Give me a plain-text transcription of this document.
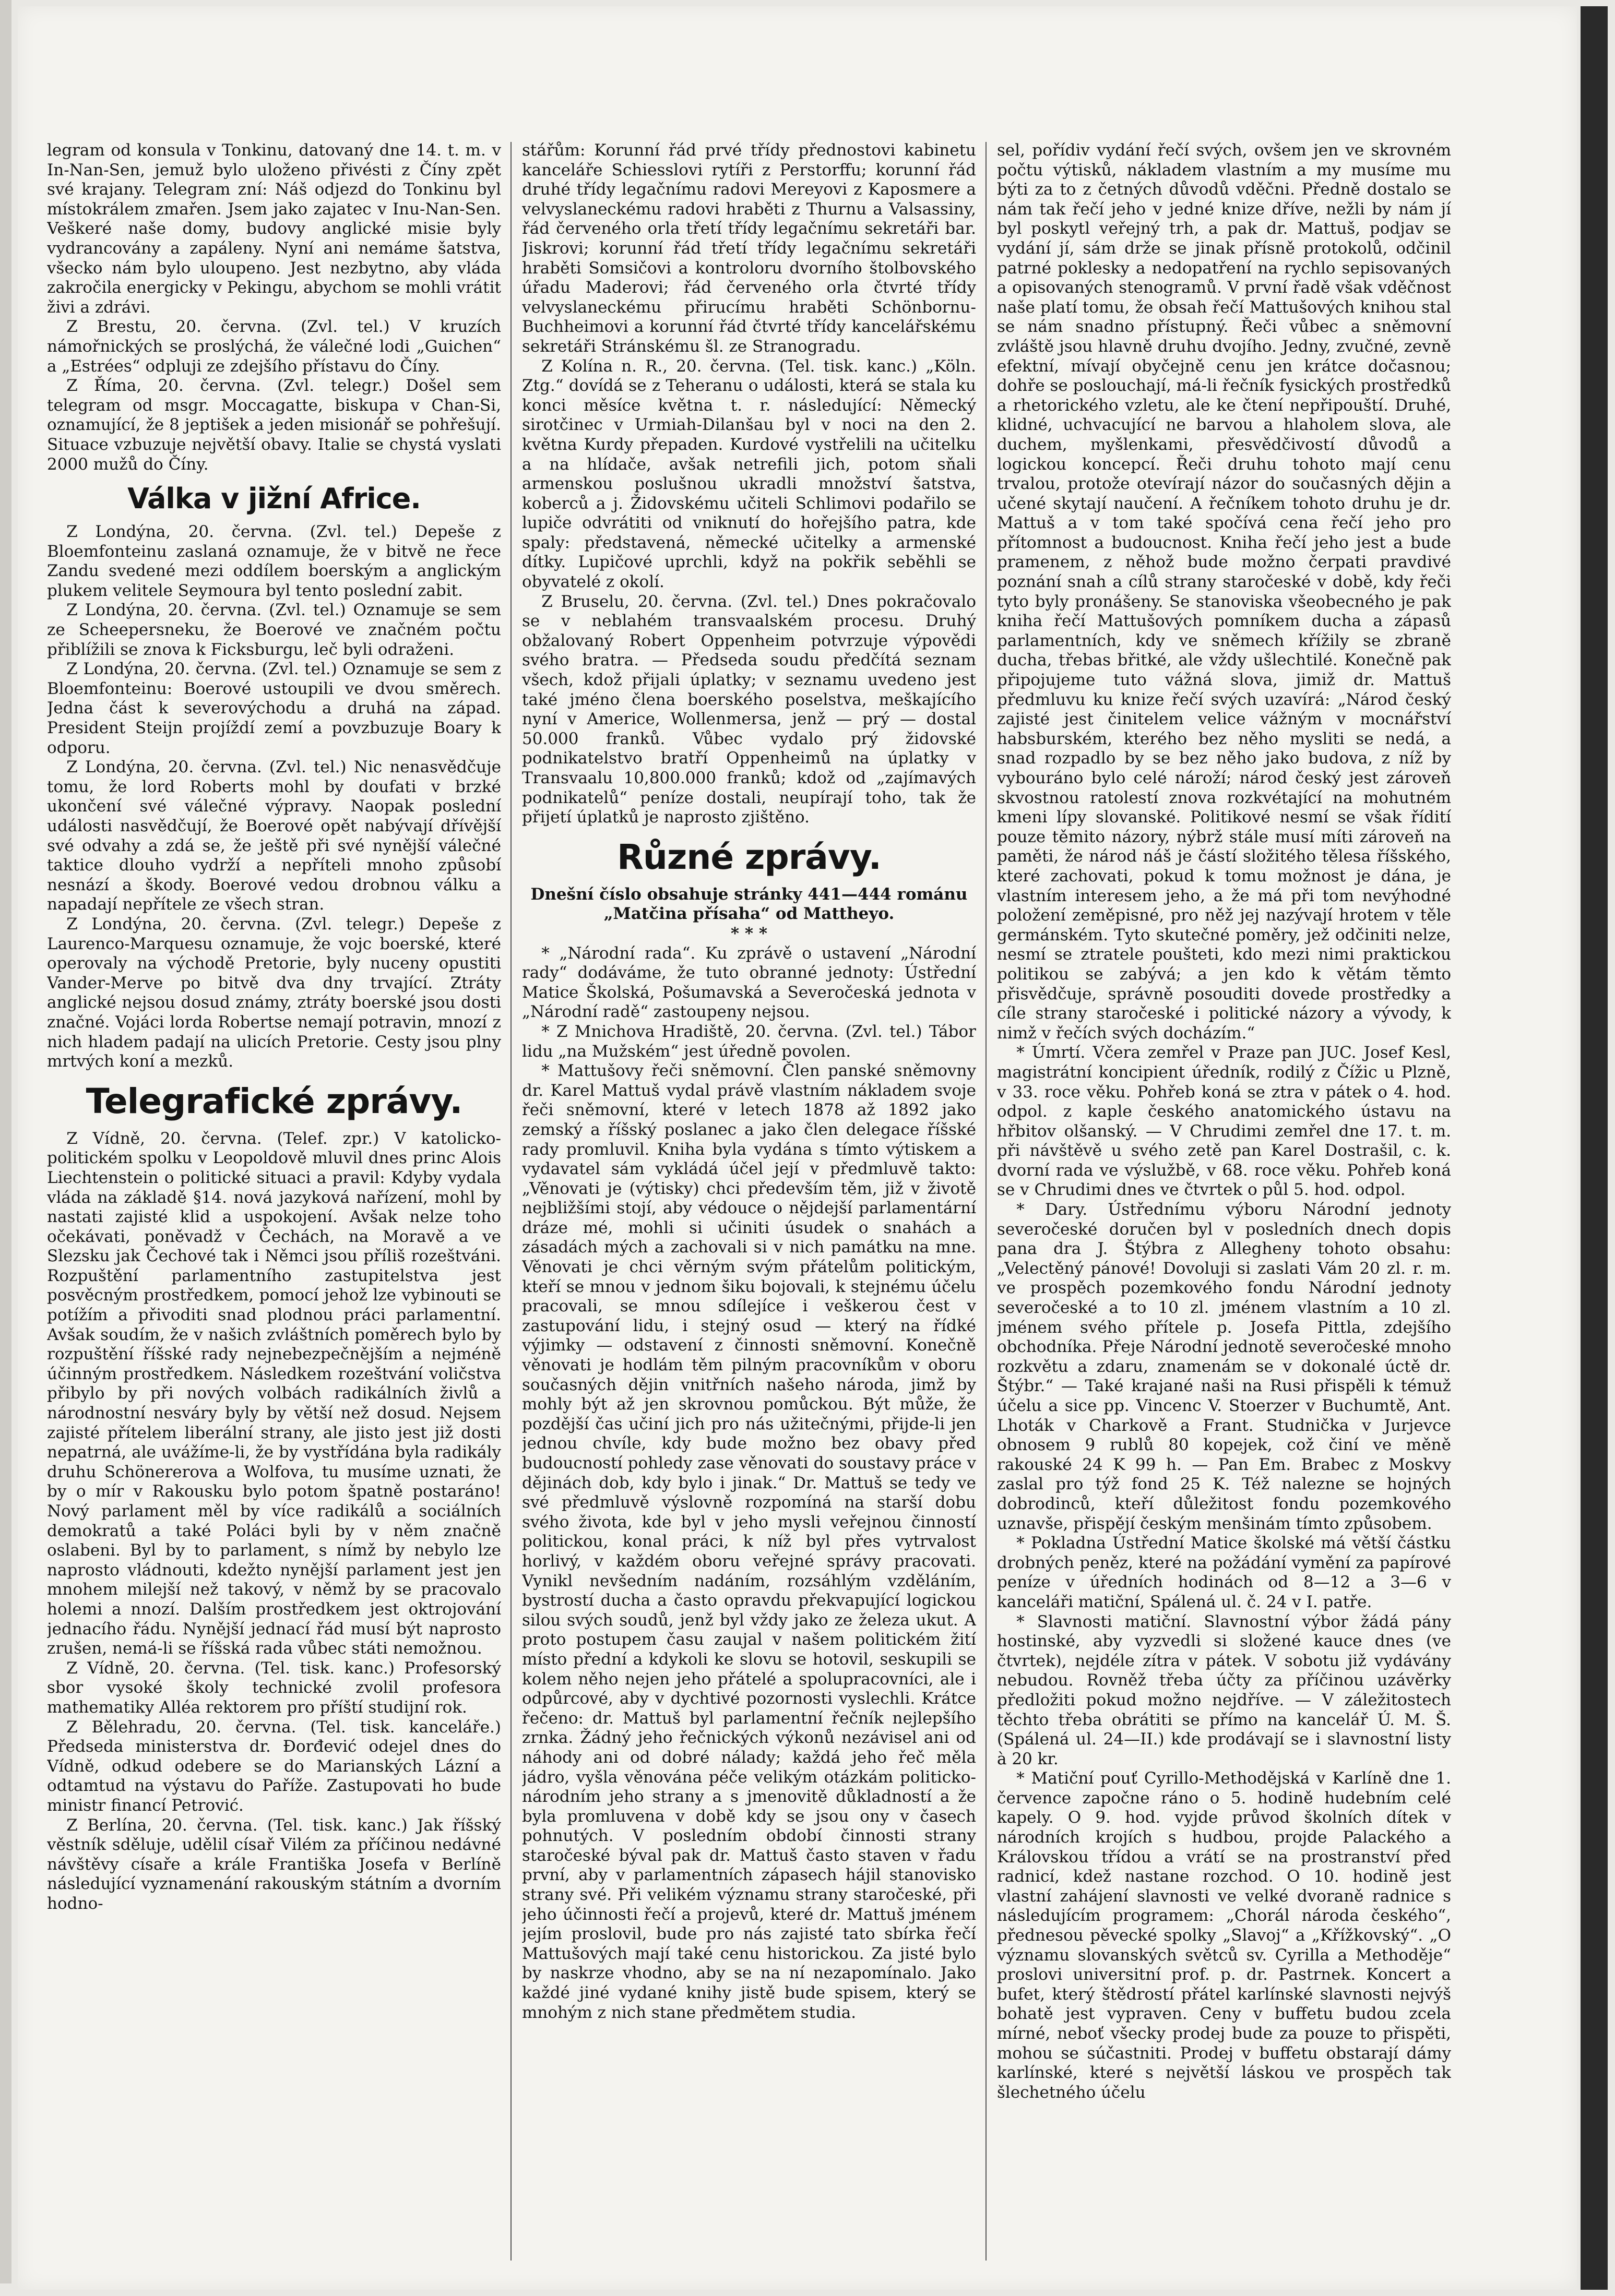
legram od konsula v Tonkinu, datovaný dne 14. t. m. v In-Nan-Sen, jemuž bylo uloženo přivésti z Číny zpět své krajany. Telegram zní: Náš odjezd do Tonkinu byl místokrálem zmařen. Jsem jako zajatec v Inu-Nan-Sen. Veškeré naše domy, budovy anglické misie byly vydrancovány a zapáleny. Nyní ani nemáme šatstva, všecko nám bylo uloupeno. Jest nezbytno, aby vláda zakročila energicky v Pekingu, abychom se mohli vrátit živi a zdrávi.

Z Brestu, 20. června. (Zvl. tel.) V kruzích námořnických se proslýchá, že válečné lodi „Guichen“ a „Estrées“ odpluji ze zdejšího přístavu do Číny.

Z Říma, 20. června. (Zvl. telegr.) Došel sem telegram od msgr. Moccagatte, biskupa v Chan-Si, oznamující, že 8 jeptišek a jeden misionář se pohřešují. Situace vzbuzuje největší obavy. Italie se chystá vyslati 2000 mužů do Číny.

Válka v jižní Africe.

Z Londýna, 20. června. (Zvl. tel.) Depeše z Bloemfonteinu zaslaná oznamuje, že v bitvě ne řece Zandu svedené mezi oddílem boerským a anglickým plukem velitele Seymoura byl tento poslední zabit.

Z Londýna, 20. června. (Zvl. tel.) Oznamuje se sem ze Scheepersneku, že Boerové ve značném počtu přiblížili se znova k Ficksburgu, leč byli odraženi.

Z Londýna, 20. června. (Zvl. tel.) Oznamuje se sem z Bloemfonteinu: Boerové ustoupili ve dvou směrech. Jedna část k severovýchodu a druhá na západ. President Steijn projíždí zemí a povzbuzuje Boary k odporu.

Z Londýna, 20. června. (Zvl. tel.) Nic nenasvědčuje tomu, že lord Roberts mohl by doufati v brzké ukončení své válečné výpravy. Naopak poslední události nasvědčují, že Boerové opět nabývají dřívější své odvahy a zdá se, že ještě při své nynější válečné taktice dlouho vydrží a nepříteli mnoho způsobí nesnází a škody. Boerové vedou drobnou válku a napadají nepřítele ze všech stran.

Z Londýna, 20. června. (Zvl. telegr.) Depeše z Laurenco-Marquesu oznamuje, že vojc boerské, které operovaly na východě Pretorie, byly nuceny opustiti Vander-Merve po bitvě dva dny trvající. Ztráty anglické nejsou dosud známy, ztráty boerské jsou dosti značné. Vojáci lorda Robertse nemají potravin, mnozí z nich hladem padají na ulicích Pretorie. Cesty jsou plny mrtvých koní a mezků.

Telegrafické zprávy.

Z Vídně, 20. června. (Telef. zpr.) V katolicko-politickém spolku v Leopoldově mluvil dnes princ Alois Liechtenstein o politické situaci a pravil: Kdyby vydala vláda na základě §14. nová jazyková nařízení, mohl by nastati zajisté klid a uspokojení. Avšak nelze toho očekávati, poněvadž v Čechách, na Moravě a ve Slezsku jak Čechové tak i Němci jsou příliš rozeštváni. Rozpuštění parlamentního zastupitelstva jest posvěcným prostředkem, pomocí jehož lze vybinouti se potížím a přivoditi snad plodnou práci parlamentní. Avšak soudím, že v našich zvláštních poměrech bylo by rozpuštění říšské rady nejnebezpečnějším a nejméně účinným prostředkem. Následkem rozeštvání voličstva přibylo by při nových volbách radikálních živlů a národnostní nesváry byly by větší než dosud. Nejsem zajisté přítelem liberální strany, ale jisto jest již dosti nepatrná, ale uvážíme-li, že by vystřídána byla radikály druhu Schönererova a Wolfova, tu musíme uznati, že by o mír v Rakousku bylo potom špatně postaráno! Nový parlament měl by více radikálů a sociálních demokratů a také Poláci byli by v něm značně oslabeni. Byl by to parlament, s nímž by nebylo lze naprosto vládnouti, kdežto nynější parlament jest jen mnohem milejší než takový, v němž by se pracovalo holemi a nnozí. Dalším prostředkem jest oktrojování jednacího řádu. Nynější jednací řád musí být naprosto zrušen, nemá-li se říšská rada vůbec státi nemožnou.

Z Vídně, 20. června. (Tel. tisk. kanc.) Profesorský sbor vysoké školy technické zvolil profesora mathematiky Alléa rektorem pro příští studijní rok.

Z Bělehradu, 20. června. (Tel. tisk. kanceláře.) Předseda ministerstva dr. Đorđević odejel dnes do Vídně, odkud odebere se do Marianských Lázní a odtamtud na výstavu do Paříže. Zastupovati ho bude ministr financí Petrović.

Z Berlína, 20. června. (Tel. tisk. kanc.) Jak říšský věstník sděluje, udělil císař Vilém za příčinou nedávné návštěvy císaře a krále Františka Josefa v Berlíně následující vyznamenání rakouským státním a dvorním hodno-

stářům: Korunní řád prvé třídy přednostovi kabinetu kanceláře Schiesslovi rytíři z Perstorffu; korunní řád druhé třídy legačnímu radovi Mereyovi z Kaposmere a velvyslaneckému radovi hraběti z Thurnu a Valsassiny, řád červeného orla třetí třídy legačnímu sekretáři bar. Jiskrovi; korunní řád třetí třídy legačnímu sekretáři hraběti Somsičovi a kontroloru dvorního štolbovského úřadu Maderovi; řád červeného orla čtvrté třídy velvyslaneckému přirucímu hraběti Schönbornu-Buchheimovi a korunní řád čtvrté třídy kancelářskému sekretáři Stránskému šl. ze Stranogradu.

Z Kolína n. R., 20. června. (Tel. tisk. kanc.) „Köln. Ztg.“ dovídá se z Teheranu o události, která se stala ku konci měsíce května t. r. následující: Německý sirotčinec v Urmiah-Dilanšau byl v noci na den 2. května Kurdy přepaden. Kurdové vystřelili na učitelku a na hlídače, avšak netrefili jich, potom sňali armenskou poslušnou ukradli množství šatstva, koberců a j. Židovskému učiteli Schlimovi podařilo se lupiče odvrátiti od vniknutí do hořejšího patra, kde spaly: představená, německé učitelky a armenské dítky. Lupičové uprchli, když na pokřik seběhli se obyvatelé z okolí.

Z Bruselu, 20. června. (Zvl. tel.) Dnes pokračovalo se v neblahém transvaalském procesu. Druhý obžalovaný Robert Oppenheim potvrzuje výpovědi svého bratra. — Předseda soudu předčítá seznam všech, kdož přijali úplatky; v seznamu uvedeno jest také jméno člena boerského poselstva, meškajícího nyní v Americe, Wollenmersa, jenž — prý — dostal 50.000 franků. Vůbec vydalo prý židovské podnikatelstvo bratří Oppenheimů na úplatky v Transvaalu 10,800.000 franků; kdož od „zajímavých podnikatelů“ peníze dostali, neupírají toho, tak že přijetí úplatků je naprosto zjištěno.

Různé zprávy.

Dnešní číslo obsahuje stránky 441—444 románu „Matčina přísaha“ od Mattheyo.

* * *

* „Národní rada“. Ku zprávě o ustavení „Národní rady“ dodáváme, že tuto obranné jednoty: Ústřední Matice Školská, Pošumavská a Severočeská jednota v „Národní radě“ zastoupeny nejsou.

* Z Mnichova Hradiště, 20. června. (Zvl. tel.) Tábor lidu „na Mužském“ jest úředně povolen.

* Mattušovy řeči sněmovní. Člen panské sněmovny dr. Karel Mattuš vydal právě vlastním nákladem svoje řeči sněmovní, které v letech 1878 až 1892 jako zemský a říšský poslanec a jako člen delegace říšské rady promluvil. Kniha byla vydána s tímto výtiskem a vydavatel sám vykládá účel její v předmluvě takto: „Věnovati je (výtisky) chci především těm, již v životě nejbližšími stojí, aby védouce o nějdejší parlamentární dráze mé, mohli si učiniti úsudek o snahách a zásadách mých a zachovali si v nich památku na mne. Věnovati je chci věrným svým přátelům politickým, kteří se mnou v jednom šiku bojovali, k stejnému účelu pracovali, se mnou sdílejíce i veškerou čest v zastupování lidu, i stejný osud — který na řídké výjimky — odstavení z činnosti sněmovní. Konečně věnovati je hodlám těm pilným pracovníkům v oboru současných dějin vnitřních našeho národa, jimž by mohly být až jen skrovnou pomůckou. Být může, že pozdější čas učiní jich pro nás užitečnými, přijde-li jen jednou chvíle, kdy bude možno bez obavy před budoucností pohledy zase věnovati do soustavy práce v dějinách dob, kdy bylo i jinak.“ Dr. Mattuš se tedy ve své předmluvě výslovně rozpomíná na starší dobu svého života, kde byl v jeho mysli veřejnou činností politickou, konal práci, k níž byl přes vytrvalost horlivý, v každém oboru veřejné správy pracovati. Vynikl nevšedním nadáním, rozsáhlým vzděláním, bystrostí ducha a často opravdu překvapující logickou silou svých soudů, jenž byl vždy jako ze železa ukut. A proto postupem času zaujal v našem politickém žití místo přední a kdykoli ke slovu se hotovil, seskupili se kolem něho nejen jeho přátelé a spolupracovníci, ale i odpůrcové, aby v dychtivé pozornosti vyslechli. Krátce řečeno: dr. Mattuš byl parlamentní řečník nejlepšího zrnka. Žádný jeho řečnických výkonů nezávisel ani od náhody ani od dobré nálady; každá jeho řeč měla jádro, vyšla věnována péče velikým otázkám politicko-národním jeho strany a s jmenovitě důkladností a že byla promluvena v době kdy se jsou ony v časech pohnutých. V posledním období činnosti strany staročeské býval pak dr. Mattuš často staven v řadu první, aby v parlamentních zápasech hájil stanovisko strany své. Při velikém významu strany staročeské, při jeho účinnosti řečí a projevů, které dr. Mattuš jménem jejím proslovil, bude pro nás zajisté tato sbírka řečí Mattušových mají také cenu historickou. Za jisté bylo by naskrze vhodno, aby se na ní nezapomínalo. Jako každé jiné vydané knihy jistě bude spisem, který se mnohým z nich stane předmětem studia.

sel, pořídiv vydání řečí svých, ovšem jen ve skrovném počtu výtisků, nákladem vlastním a my musíme mu býti za to z četných důvodů vděčni. Předně dostalo se nám tak řečí jeho v jedné knize dříve, nežli by nám jí byl poskytl veřejný trh, a pak dr. Mattuš, podjav se vydání jí, sám drže se jinak přísně protokolů, odčinil patrné poklesky a nedopatření na rychlo sepisovaných a opisovaných stenogramů. V první řadě však vděčnost naše platí tomu, že obsah řečí Mattušových knihou stal se nám snadno přístupný. Řeči vůbec a sněmovní zvláště jsou hlavně druhu dvojího. Jedny, zvučné, zevně efektní, mívají obyčejně cenu jen krátce dočasnou; dohře se poslouchají, má-li řečník fysických prostředků a rhetorického vzletu, ale ke čtení nepřipouští. Druhé, klidné, uchvacující ne barvou a hlaholem slova, ale duchem, myšlenkami, přesvědčivostí důvodů a logickou koncepcí. Řeči druhu tohoto mají cenu trvalou, protože otevírají názor do současných dějin a učené skytají naučení. A řečníkem tohoto druhu je dr. Mattuš a v tom také spočívá cena řečí jeho pro přítomnost a budoucnost. Kniha řečí jeho jest a bude pramenem, z něhož bude možno čerpati pravdivé poznání snah a cílů strany staročeské v době, kdy řeči tyto byly pronášeny. Se stanoviska všeobecného je pak kniha řečí Mattušových pomníkem ducha a zápasů parlamentních, kdy ve sněmech křížily se zbraně ducha, třebas břitké, ale vždy ušlechtilé. Konečně pak připojujeme tuto vážná slova, jimiž dr. Mattuš předmluvu ku knize řečí svých uzavírá: „Národ český zajisté jest činitelem velice vážným v mocnářství habsburském, kterého bez něho mysliti se nedá, a snad rozpadlo by se bez něho jako budova, z níž by vybouráno bylo celé nároží; národ český jest zároveň skvostnou ratolestí znova rozkvétající na mohutném kmeni lípy slovanské. Politikové nesmí se však řídití pouze těmito názory, nýbrž stále musí míti zároveň na paměti, že národ náš je částí složitého tělesa říšského, které zachovati, pokud k tomu možnost je dána, je vlastním interesem jeho, a že má při tom nevýhodné položení zeměpisné, pro něž jej nazývají hrotem v těle germánském. Tyto skutečné poměry, jež odčiniti nelze, nesmí se ztratele poušteti, kdo mezi nimi praktickou politikou se zabývá; a jen kdo k větám těmto přisvědčuje, správně posouditi dovede prostředky a cíle strany staročeské i politické názory a vývody, k nimž v řečích svých docházím.“

* Úmrtí. Včera zemřel v Praze pan JUC. Josef Kesl, magistrátní koncipient úředník, rodilý z Čížic u Plzně, v 33. roce věku. Pohřeb koná se ztra v pátek o 4. hod. odpol. z kaple českého anatomického ústavu na hřbitov olšanský. — V Chrudimi zemřel dne 17. t. m. při návštěvě u svého zetě pan Karel Dostrašil, c. k. dvorní rada ve výslužbě, v 68. roce věku. Pohřeb koná se v Chrudimi dnes ve čtvrtek o půl 5. hod. odpol.

* Dary. Ústřednímu výboru Národní jednoty severočeské doručen byl v posledních dnech dopis pana dra J. Štýbra z Allegheny tohoto obsahu: „Velectěný pánové! Dovoluji si zaslati Vám 20 zl. r. m. ve prospěch pozemkového fondu Národní jednoty severočeské a to 10 zl. jménem vlastním a 10 zl. jménem svého přítele p. Josefa Pittla, zdejšího obchodníka. Přeje Národní jednotě severočeské mnoho rozkvětu a zdaru, znamenám se v dokonalé úctě dr. Štýbr.“ — Také krajané naši na Rusi přispěli k témuž účelu a sice pp. Vincenc V. Stoerzer v Buchumtě, Ant. Lhoták v Charkově a Frant. Studnička v Jurjevce obnosem 9 rublů 80 kopejek, což činí ve měně rakouské 24 K 99 h. — Pan Em. Brabec z Moskvy zaslal pro týž fond 25 K. Též nalezne se hojných dobrodinců, kteří důležitost fondu pozemkového uznavše, přispějí českým menšinám tímto způsobem.

* Pokladna Ústřední Matice školské má větší částku drobných peněz, které na požádání vymění za papírové peníze v úředních hodinách od 8—12 a 3—6 v kanceláři matiční, Spálená ul. č. 24 v I. patře.

* Slavnosti matiční. Slavnostní výbor žádá pány hostinské, aby vyzvedli si složené kauce dnes (ve čtvrtek), nejdéle zítra v pátek. V sobotu již vydávány nebudou. Rovněž třeba účty za příčinou uzávěrky předložiti pokud možno nejdříve. — V záležitostech těchto třeba obrátiti se přímo na kancelář Ú. M. Š. (Spálená ul. 24—II.) kde prodávají se i slavnostní listy à 20 kr.

* Matiční pouť Cyrillo-Methodějská v Karlíně dne 1. července započne ráno o 5. hodině hudebním celé kapely. O 9. hod. vyjde průvod školních dítek v národních krojích s hudbou, projde Palackého a Královskou třídou a vrátí se na prostranství před radnicí, kdež nastane rozchod. O 10. hodině jest vlastní zahájení slavnosti ve velké dvoraně radnice s následujícím programem: „Chorál národa českého“, přednesou pěvecké spolky „Slavoj“ a „Křížkovský“. „O významu slovanských světců sv. Cyrilla a Methoděje“ proslovi universitní prof. p. dr. Pastrnek. Koncert a bufet, který štědrostí přátel karlínské slavnosti nejvýš bohatě jest vypraven. Ceny v buffetu budou zcela mírné, neboť všecky prodej bude za pouze to přispěti, mohou se súčastniti. Prodej v buffetu obstarají dámy karlínské, které s největší láskou ve prospěch tak šlechetného účelu
